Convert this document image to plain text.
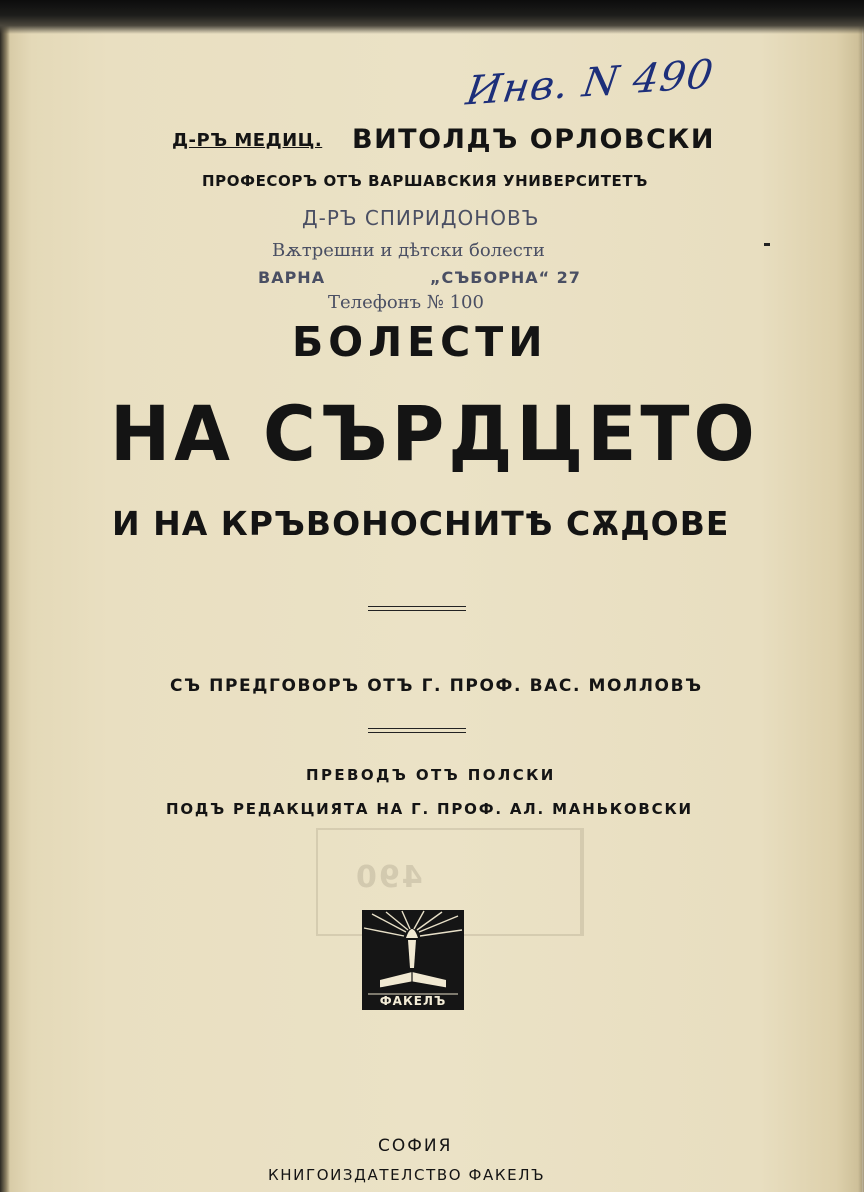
490
Инв. N 490
Д-РЪ МЕДИЦ. ВИТОЛДЪ ОРЛОВСКИ
ПРОФЕСОРЪ ОТЪ ВАРШАВСКИЯ УНИВЕРСИТЕТЪ
Д-РЪ СПИРИДОНОВЪ
Вѫтрешни и дѣтски болести
ВАРНА	„СЪБОРНА“ 27
Телефонъ № 100
БОЛЕСТИ
НА СЪРДЦЕТО
И НА КРЪВОНОСНИТѢ СѪДОВЕ
СЪ ПРЕДГОВОРЪ ОТЪ Г. ПРОФ. ВАС. МОЛЛОВЪ
ПРЕВОДЪ ОТЪ ПОЛСКИ
ПОДЪ РЕДАКЦИЯТА НА Г. ПРОФ. АЛ. МАНЬКОВСКИ
ФАКЕЛЪ
СОФИЯ
КНИГОИЗДАТЕЛСТВО ФАКЕЛЪ
